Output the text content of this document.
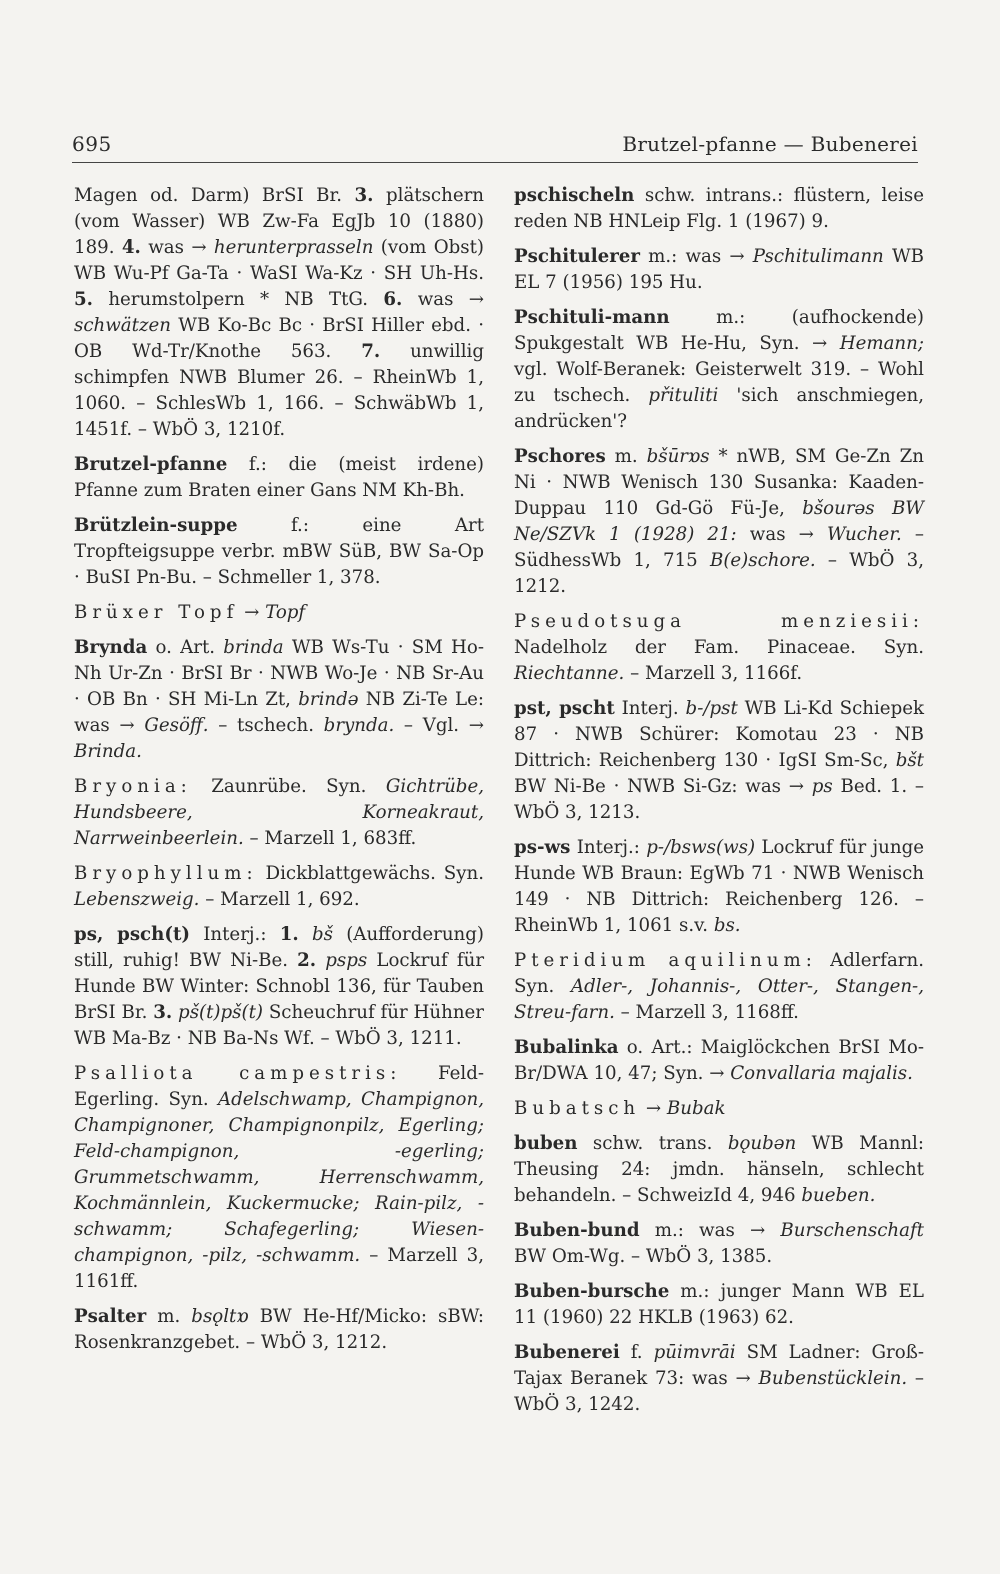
695	Brutzel-pfanne — Bubenerei

Magen od. Darm) BrSI Br. 3. plätschern (vom Wasser) WB Zw-Fa EgJb 10 (1880) 189. 4. was → herunterprasseln (vom Obst) WB Wu-Pf Ga-Ta · WaSI Wa-Kz · SH Uh-Hs. 5. herumstolpern * NB TtG. 6. was → schwätzen WB Ko-Bc Bc · BrSI Hiller ebd. · OB Wd-Tr/Knothe 563. 7. unwillig schimpfen NWB Blumer 26. – RheinWb 1, 1060. – SchlesWb 1, 166. – SchwäbWb 1, 1451f. – WbÖ 3, 1210f.

Brutzel-pfanne f.: die (meist irdene) Pfanne zum Braten einer Gans NM Kh-Bh.

Brützlein-suppe f.: eine Art Tropfteigsuppe verbr. mBW SüB, BW Sa-Op · BuSI Pn-Bu. – Schmeller 1, 378.

Brüxer Topf → Topf

Brynda o. Art. brinda WB Ws-Tu · SM Ho-Nh Ur-Zn · BrSI Br · NWB Wo-Je · NB Sr-Au · OB Bn · SH Mi-Ln Zt, brində NB Zi-Te Le: was → Gesöff. – tschech. brynda. – Vgl. → Brinda.

Bryonia: Zaunrübe. Syn. Gichtrübe, Hundsbeere, Korneakraut, Narrweinbeerlein. – Marzell 1, 683ff.

Bryophyllum: Dickblattgewächs. Syn. Lebenszweig. – Marzell 1, 692.

ps, psch(t) Interj.: 1. bš (Aufforderung) still, ruhig! BW Ni-Be. 2. psps Lockruf für Hunde BW Winter: Schnobl 136, für Tauben BrSI Br. 3. pš(t)pš(t) Scheuchruf für Hühner WB Ma-Bz · NB Ba-Ns Wf. – WbÖ 3, 1211.

Psalliota campestris: Feld-Egerling. Syn. Adelschwamp, Champignon, Champignoner, Champignonpilz, Egerling; Feld-champignon, -egerling; Grummetschwamm, Herrenschwamm, Kochmännlein, Kuckermucke; Rain-pilz, -schwamm; Schafegerling; Wiesen-champignon, -pilz, -schwamm. – Marzell 3, 1161ff.

Psalter m. bsǫltɒ BW He-Hf/Micko: sBW: Rosenkranzgebet. – WbÖ 3, 1212.

pschischeln schw. intrans.: flüstern, leise reden NB HNLeip Flg. 1 (1967) 9.

Pschitulerer m.: was → Pschitulimann WB EL 7 (1956) 195 Hu.

Pschituli-mann m.: (aufhockende) Spukgestalt WB He-Hu, Syn. → Hemann; vgl. Wolf-Beranek: Geisterwelt 319. – Wohl zu tschech. přituliti 'sich anschmiegen, andrücken'?

Pschores m. bšūrɒs * nWB, SM Ge-Zn Zn Ni · NWB Wenisch 130 Susanka: Kaaden-Duppau 110 Gd-Gö Fü-Je, bšourəs BW Ne/SZVk 1 (1928) 21: was → Wucher. – SüdhessWb 1, 715 B(e)schore. – WbÖ 3, 1212.

Pseudotsuga menziesii: Nadelholz der Fam. Pinaceae. Syn. Riechtanne. – Marzell 3, 1166f.

pst, pscht Interj. b-/pst WB Li-Kd Schiepek 87 · NWB Schürer: Komotau 23 · NB Dittrich: Reichenberg 130 · IgSI Sm-Sc, bšt BW Ni-Be · NWB Si-Gz: was → ps Bed. 1. – WbÖ 3, 1213.

ps-ws Interj.: p-/bsws(ws) Lockruf für junge Hunde WB Braun: EgWb 71 · NWB Wenisch 149 · NB Dittrich: Reichenberg 126. – RheinWb 1, 1061 s.v. bs.

Pteridium aquilinum: Adlerfarn. Syn. Adler-, Johannis-, Otter-, Stangen-, Streu-farn. – Marzell 3, 1168ff.

Bubalinka o. Art.: Maiglöckchen BrSI Mo-Br/DWA 10, 47; Syn. → Convallaria majalis.

Bubatsch → Bubak

buben schw. trans. bǫubən WB Mannl: Theusing 24: jmdn. hänseln, schlecht behandeln. – SchweizId 4, 946 bueben.

Buben-bund m.: was → Burschenschaft BW Om-Wg. – WbÖ 3, 1385.

Buben-bursche m.: junger Mann WB EL 11 (1960) 22 HKLB (1963) 62.

Bubenerei f. pūimvrāi SM Ladner: Groß-Tajax Beranek 73: was → Bubenstücklein. – WbÖ 3, 1242.
